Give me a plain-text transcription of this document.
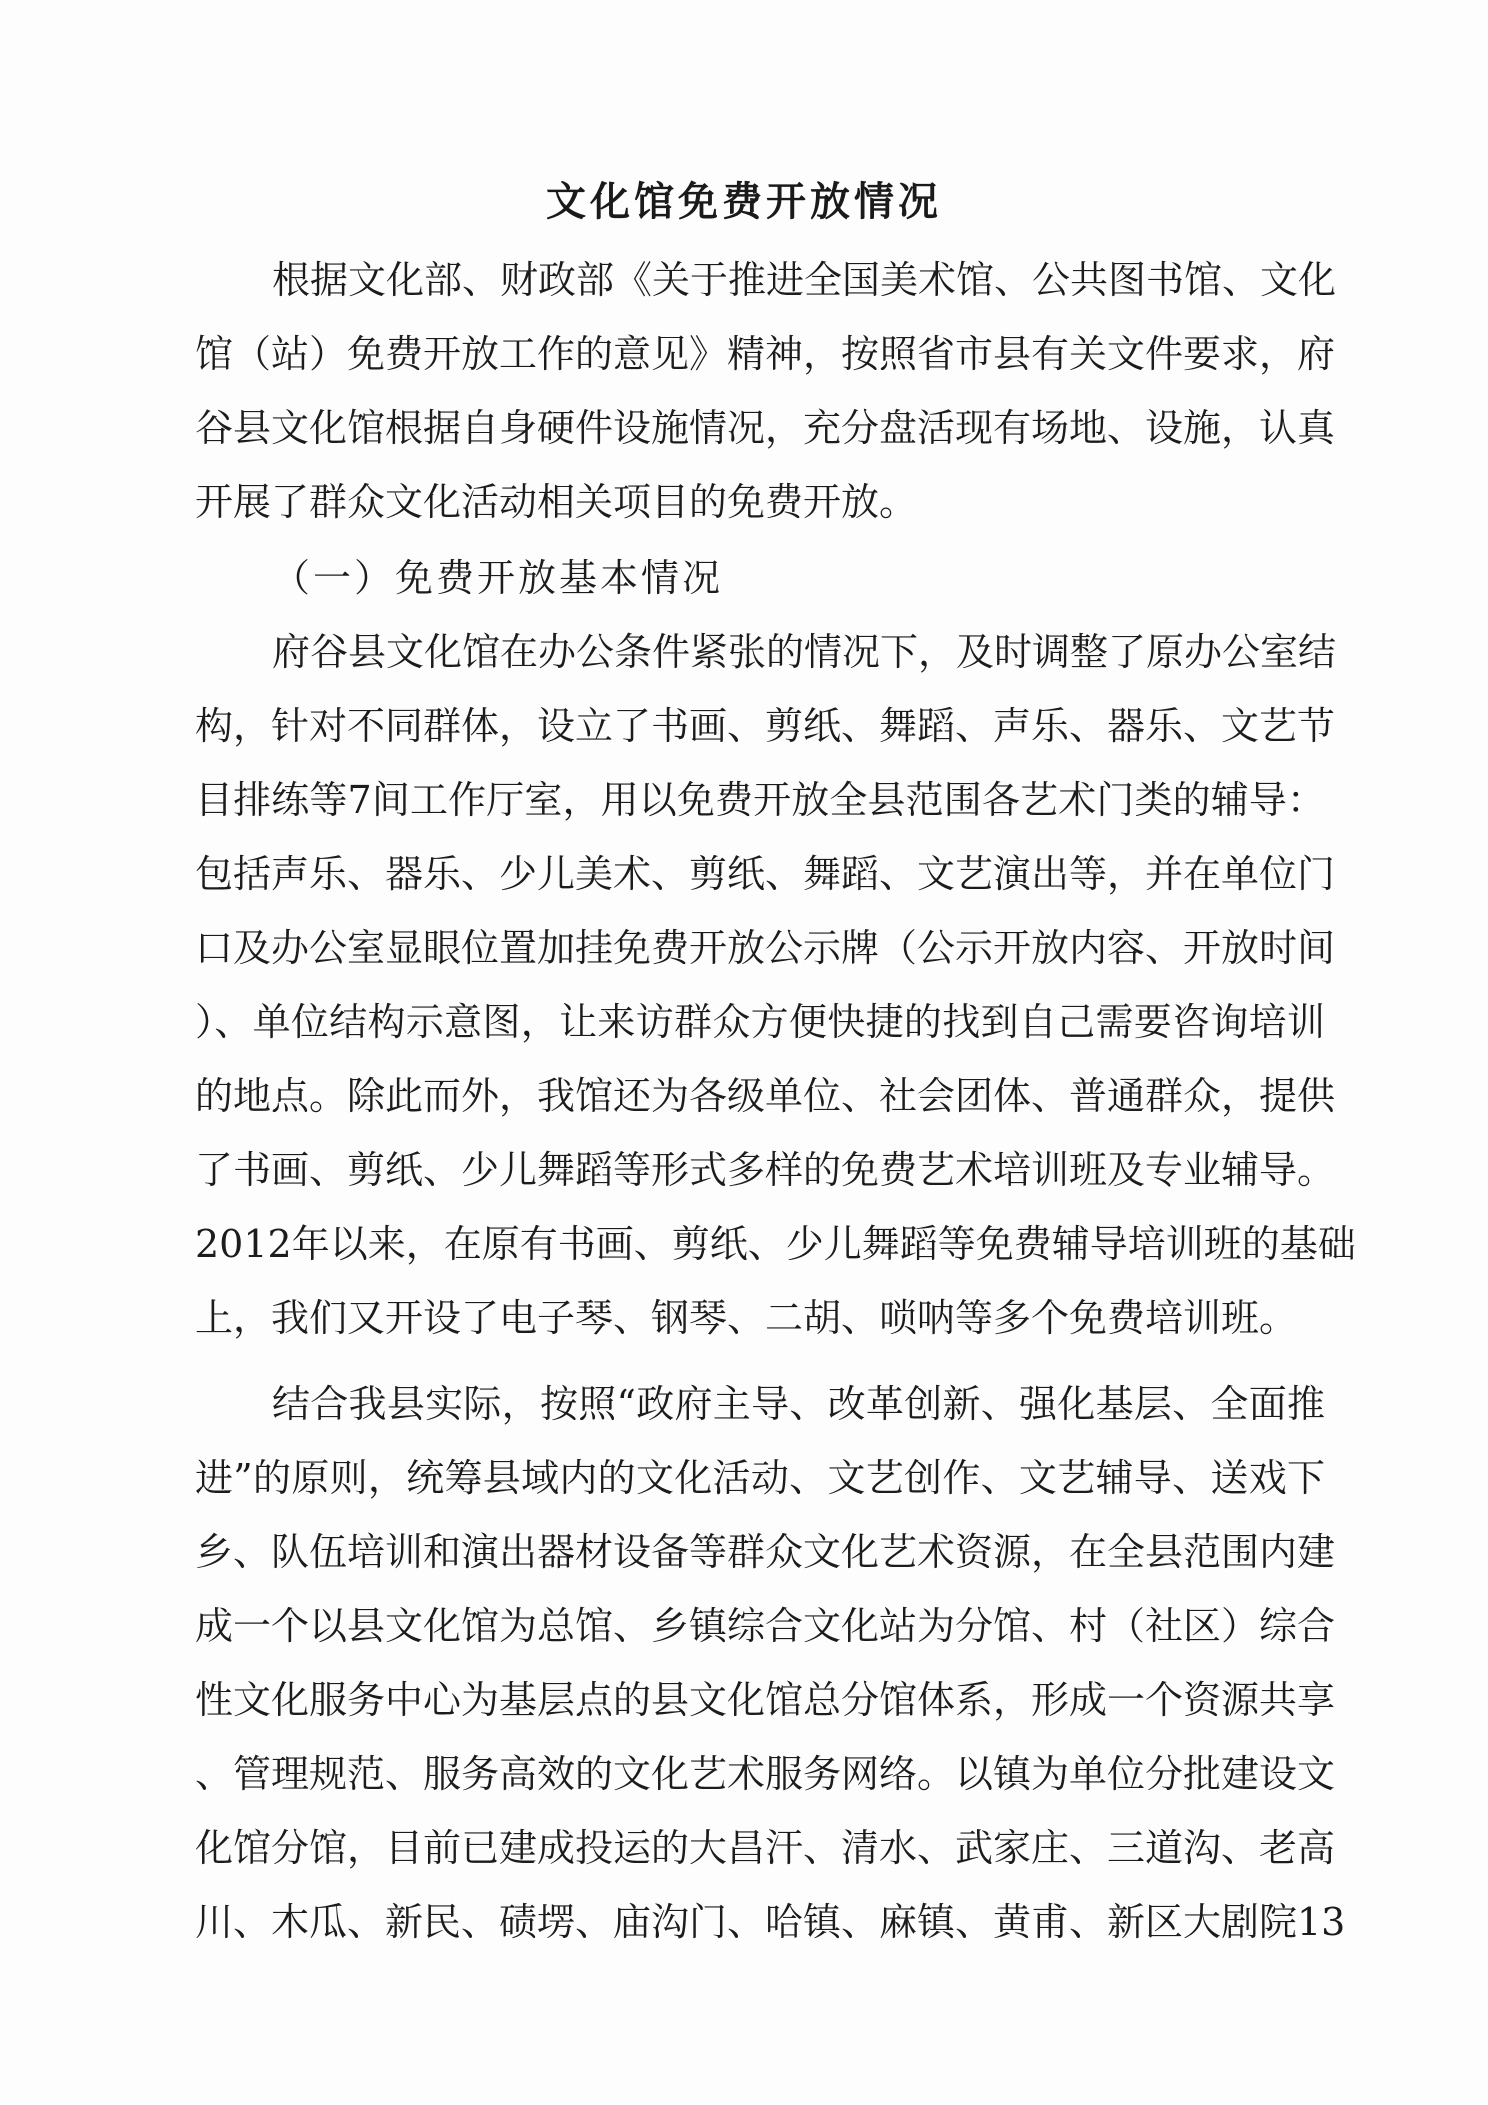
文化馆免费开放情况
根据文化部、财政部《关于推进全国美术馆、公共图书馆、文化
馆（站）免费开放工作的意见》精神，按照省市县有关文件要求，府
谷县文化馆根据自身硬件设施情况，充分盘活现有场地、设施，认真
开展了群众文化活动相关项目的免费开放。
（一）免费开放基本情况
府谷县文化馆在办公条件紧张的情况下，及时调整了原办公室结
构，针对不同群体，设立了书画、剪纸、舞蹈、声乐、器乐、文艺节
目排练等7间工作厅室，用以免费开放全县范围各艺术门类的辅导：
包括声乐、器乐、少儿美术、剪纸、舞蹈、文艺演出等，并在单位门
口及办公室显眼位置加挂免费开放公示牌（公示开放内容、开放时间
）、单位结构示意图，让来访群众方便快捷的找到自己需要咨询培训
的地点。除此而外，我馆还为各级单位、社会团体、普通群众，提供
了书画、剪纸、少儿舞蹈等形式多样的免费艺术培训班及专业辅导。
2012年以来，在原有书画、剪纸、少儿舞蹈等免费辅导培训班的基础
上，我们又开设了电子琴、钢琴、二胡、唢呐等多个免费培训班。
结合我县实际，按照“政府主导、改革创新、强化基层、全面推
进”的原则，统筹县域内的文化活动、文艺创作、文艺辅导、送戏下
乡、队伍培训和演出器材设备等群众文化艺术资源，在全县范围内建
成一个以县文化馆为总馆、乡镇综合文化站为分馆、村（社区）综合
性文化服务中心为基层点的县文化馆总分馆体系，形成一个资源共享
、管理规范、服务高效的文化艺术服务网络。以镇为单位分批建设文
化馆分馆，目前已建成投运的大昌汗、清水、武家庄、三道沟、老高
川、木瓜、新民、碛塄、庙沟门、哈镇、麻镇、黄甫、新区大剧院13
